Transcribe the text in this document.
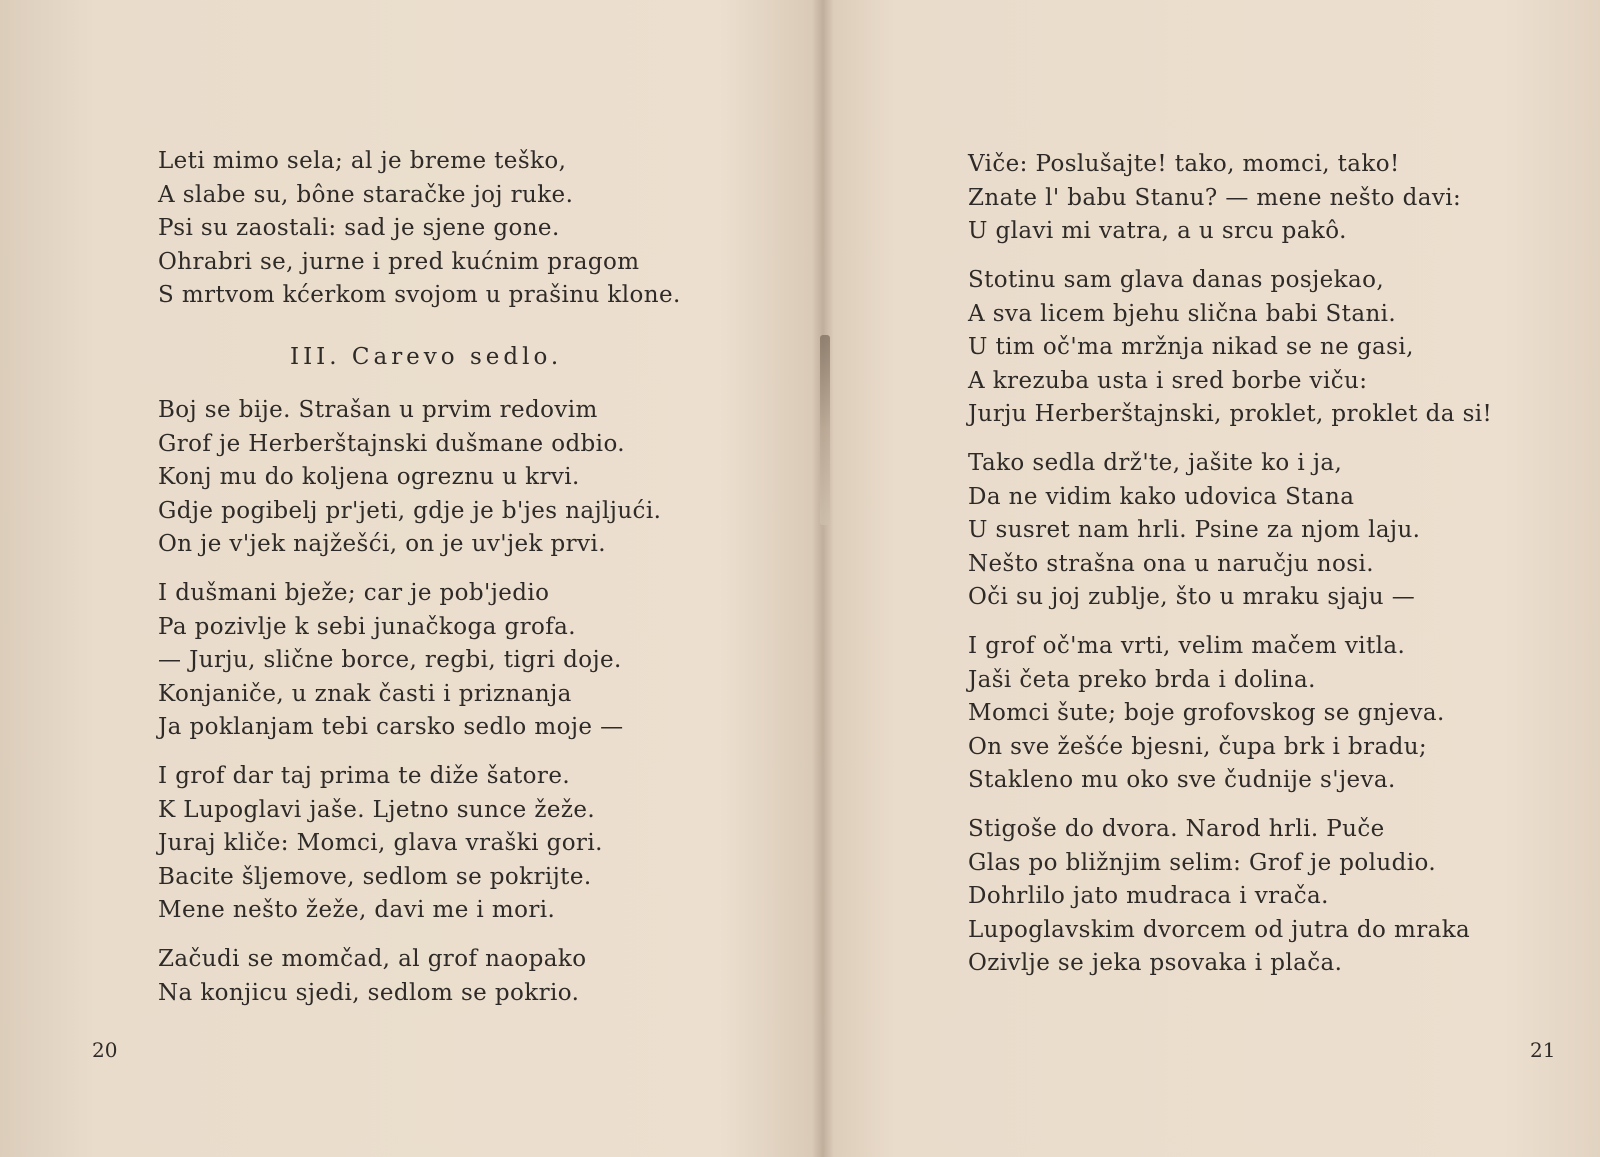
Leti mimo sela; al je breme teško,
A slabe su, bône staračke joj ruke.
Psi su zaostali: sad je sjene gone.
Ohrabri se, jurne i pred kućnim pragom
S mrtvom kćerkom svojom u prašinu klone.
III. Carevo sedlo.
Boj se bije. Strašan u prvim redovim
Grof je Herberštajnski dušmane odbio.
Konj mu do koljena ogreznu u krvi.
Gdje pogibelj pr'jeti, gdje je b'jes najljući.
On je v'jek najžešći, on je uv'jek prvi.
I dušmani bježe; car je pob'jedio
Pa pozivlje k sebi junačkoga grofa.
— Jurju, slične borce, regbi, tigri doje.
Konjaniče, u znak časti i priznanja
Ja poklanjam tebi carsko sedlo moje —
I grof dar taj prima te diže šatore.
K Lupoglavi jaše. Ljetno sunce žeže.
Juraj kliče: Momci, glava vraški gori.
Bacite šljemove, sedlom se pokrijte.
Mene nešto žeže, davi me i mori.
Začudi se momčad, al grof naopako
Na konjicu sjedi, sedlom se pokrio.
20
Viče: Poslušajte! tako, momci, tako!
Znate l' babu Stanu? — mene nešto davi:
U glavi mi vatra, a u srcu pakô.
Stotinu sam glava danas posjekao,
A sva licem bjehu slična babi Stani.
U tim oč'ma mržnja nikad se ne gasi,
A krezuba usta i sred borbe viču:
Jurju Herberštajnski, proklet, proklet da si!
Tako sedla drž'te, jašite ko i ja,
Da ne vidim kako udovica Stana
U susret nam hrli. Psine za njom laju.
Nešto strašna ona u naručju nosi.
Oči su joj zublje, što u mraku sjaju —
I grof oč'ma vrti, velim mačem vitla.
Jaši četa preko brda i dolina.
Momci šute; boje grofovskog se gnjeva.
On sve žešće bjesni, čupa brk i bradu;
Stakleno mu oko sve čudnije s'jeva.
Stigoše do dvora. Narod hrli. Puče
Glas po bližnjim selim: Grof je poludio.
Dohrlilo jato mudraca i vrača.
Lupoglavskim dvorcem od jutra do mraka
Ozivlje se jeka psovaka i plača.
21
